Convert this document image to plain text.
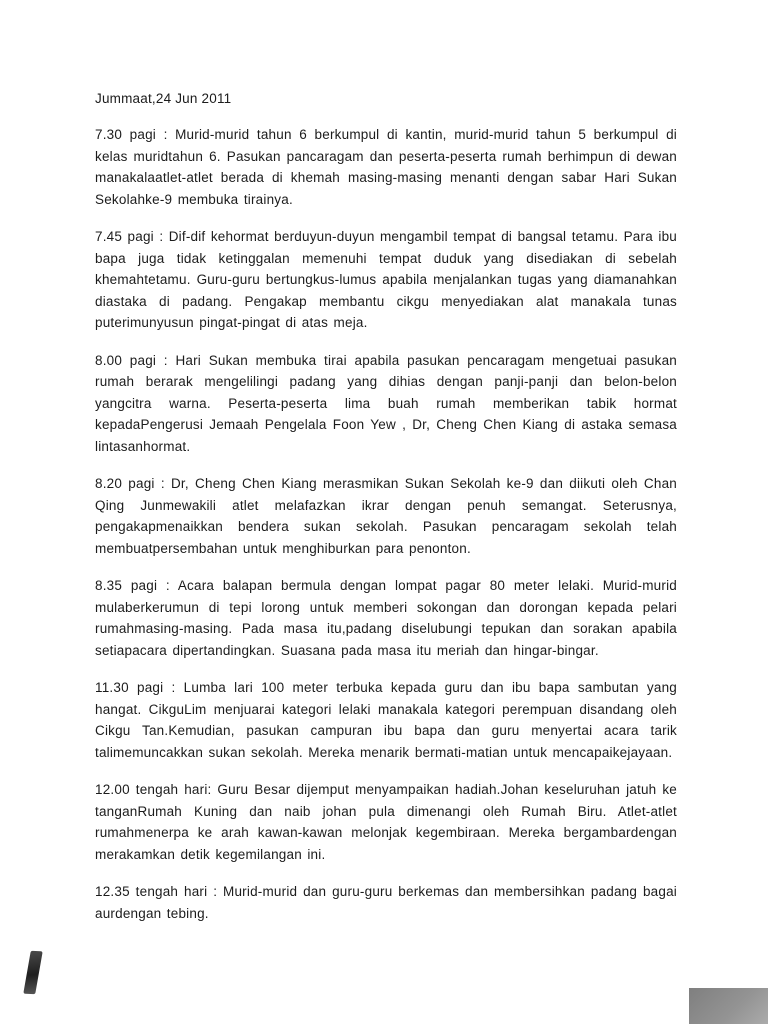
Jummaat,24 Jun 2011

7.30 pagi : Murid-murid tahun 6 berkumpul di kantin, murid-murid tahun 5 berkumpul di kelas muridtahun 6. Pasukan pancaragam dan peserta-peserta rumah berhimpun di dewan manakalaatlet-atlet berada di khemah masing-masing menanti dengan sabar Hari Sukan Sekolahke-9 membuka tirainya.

7.45 pagi : Dif-dif kehormat berduyun-duyun mengambil tempat di bangsal tetamu. Para ibu bapa juga tidak ketinggalan memenuhi tempat duduk yang disediakan di sebelah khemahtetamu. Guru-guru bertungkus-lumus apabila menjalankan tugas yang diamanahkan diastaka di padang. Pengakap membantu cikgu menyediakan alat manakala tunas puterimunyusun pingat-pingat di atas meja.

8.00 pagi : Hari Sukan membuka tirai apabila pasukan pencaragam mengetuai pasukan rumah berarak mengelilingi padang yang dihias dengan panji-panji dan belon-belon yangcitra warna. Peserta-peserta lima buah rumah memberikan tabik hormat kepadaPengerusi Jemaah Pengelala Foon Yew , Dr, Cheng Chen Kiang di astaka semasa lintasanhormat.

8.20 pagi : Dr, Cheng Chen Kiang merasmikan Sukan Sekolah ke-9 dan diikuti oleh Chan Qing Junmewakili atlet melafazkan ikrar dengan penuh semangat. Seterusnya, pengakapmenaikkan bendera sukan sekolah. Pasukan pencaragam sekolah telah membuatpersembahan untuk menghiburkan para penonton.

8.35 pagi : Acara balapan bermula dengan lompat pagar 80 meter lelaki. Murid-murid mulaberkerumun di tepi lorong untuk memberi sokongan dan dorongan kepada pelari rumahmasing-masing. Pada masa itu,padang diselubungi tepukan dan sorakan apabila setiapacara dipertandingkan. Suasana pada masa itu meriah dan hingar-bingar.

11.30 pagi : Lumba lari 100 meter terbuka kepada guru dan ibu bapa sambutan yang hangat. CikguLim menjuarai kategori lelaki manakala kategori perempuan disandang oleh Cikgu Tan.Kemudian, pasukan campuran ibu bapa dan guru menyertai acara tarik talimemuncakkan sukan sekolah. Mereka menarik bermati-matian untuk mencapaikejayaan.

12.00 tengah hari: Guru Besar dijemput menyampaikan hadiah.Johan keseluruhan jatuh ke tanganRumah Kuning dan naib johan pula dimenangi oleh Rumah Biru. Atlet-atlet rumahmenerpa ke arah kawan-kawan melonjak kegembiraan. Mereka bergambardengan merakamkan detik kegemilangan ini.

12.35 tengah hari : Murid-murid dan guru-guru berkemas dan membersihkan padang bagai aurdengan tebing.
